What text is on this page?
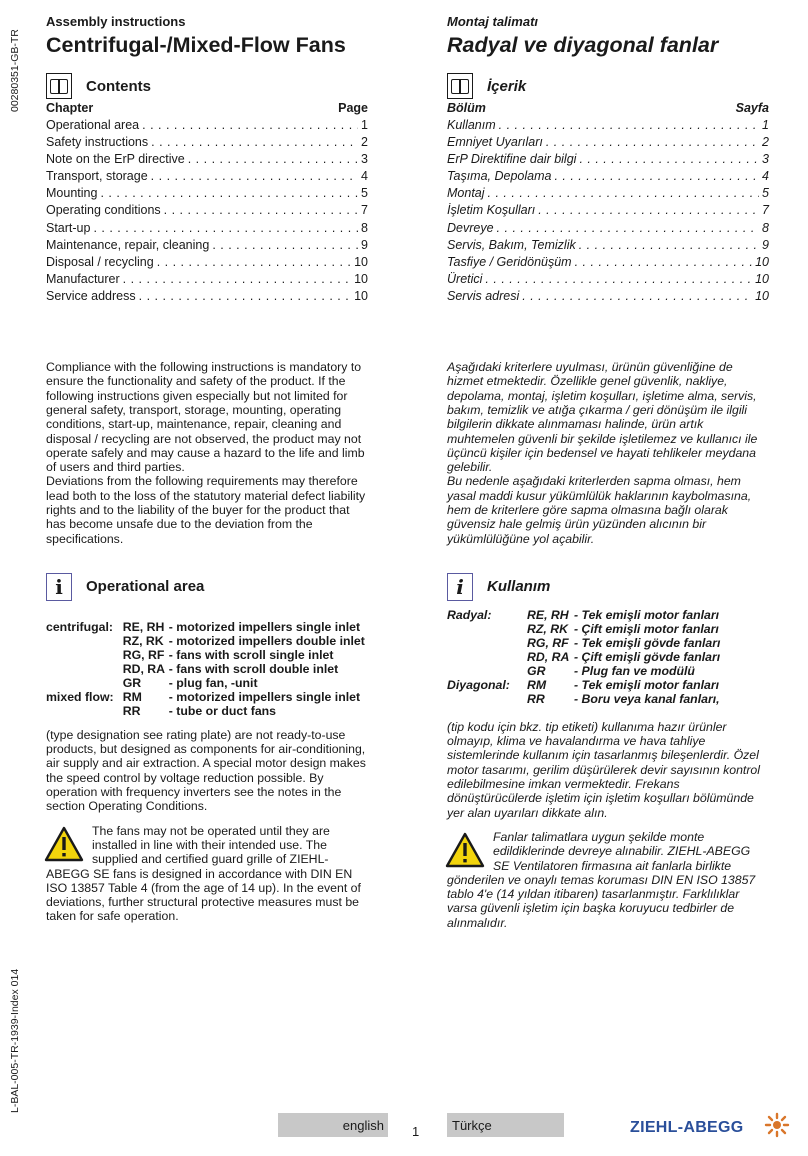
00280351-GB-TR
L-BAL-005-TR-1939-Index 014
Assembly instructions
Centrifugal-/Mixed-Flow Fans
Contents
Chapter	Page
Operational area . . .	1
Safety instructions . . .	2
Note on the ErP directive . . .	3
Transport, storage . . .	4
Mounting . . .	5
Operating conditions . . .	7
Start-up . . .	8
Maintenance, repair, cleaning . . .	9
Disposal / recycling . . .	10
Manufacturer . . .	10
Service address . . .	10

Compliance with the following instructions is mandatory to ensure the functionality and safety of the product. If the following instructions given especially but not limited for general safety, transport, storage, mounting, operating conditions, start-up, maintenance, repair, cleaning and disposal / recycling are not observed, the product may not operate safely and may cause a hazard to the life and limb of users and third parties.

Deviations from the following requirements may therefore lead both to the loss of the statutory material defect liability rights and to the liability of the buyer for the product that has become unsafe due to the deviation from the specifications.

i	Operational area
centrifugal:	RE, RH	- motorized impellers single inlet
	RZ, RK	- motorized impellers double inlet
	RG, RF	- fans with scroll single inlet
	RD, RA	- fans with scroll double inlet
	GR	- plug fan, -unit
mixed flow:	RM	- motorized impellers single inlet
	RR	- tube or duct fans

(type designation see rating plate) are not ready-to-use products, but designed as components for air-conditioning, air supply and air extraction. A special motor design makes the speed control by voltage reduction possible. By operation with frequency inverters see the notes in the section Operating Conditions.

The fans may not be operated until they are installed in line with their intended use. The supplied and certified guard grille of ZIEHL-ABEGG SE fans is designed in accordance with DIN EN ISO 13857 Table 4 (from the age of 14 up). In the event of deviations, further structural protective measures must be taken for safe operation.
Montaj talimatı
Radyal ve diyagonal fanlar
İçerik
Bölüm	Sayfa
Kullanım . . .	1
Emniyet Uyarıları . . .	2
ErP Direktifine dair bilgi . . .	3
Taşıma, Depolama . . .	4
Montaj . . .	5
İşletim Koşulları . . .	7
Devreye . . .	8
Servis, Bakım, Temizlik . . .	9
Tasfiye / Geridönüşüm . . .	10
Üretici . . .	10
Servis adresi . . .	10

Aşağıdaki kriterlere uyulması, ürünün güvenliğine de hizmet etmektedir. Özellikle genel güvenlik, nakliye, depolama, montaj, işletim koşulları, işletime alma, servis, bakım, temizlik ve atığa çıkarma / geri dönüşüm ile ilgili bilgilerin dikkate alınmaması halinde, ürün artık muhtemelen güvenli bir şekilde işletilemez ve kullanıcı ile üçüncü kişiler için bedensel ve hayati tehlikeler meydana gelebilir.

Bu nedenle aşağıdaki kriterlerden sapma olması, hem yasal maddi kusur yükümlülük haklarının kaybolmasına, hem de kriterlere göre sapma olmasına bağlı olarak güvensiz hale gelmiş ürün yüzünden alıcının bir yükümlülüğüne yol açabilir.

i	Kullanım
Radyal:	RE, RH	- Tek emişli motor fanları
	RZ, RK	- Çift emişli motor fanları
	RG, RF	- Tek emişli gövde fanları
	RD, RA	- Çift emişli gövde fanları
	GR	- Plug fan ve modülü
Diyagonal:	RM	- Tek emişli motor fanları
	RR	- Boru veya kanal fanları,

(tip kodu için bkz. tip etiketi) kullanıma hazır ürünler olmayıp, klima ve havalandırma ve hava tahliye sistemlerinde kullanım için tasarlanmış bileşenlerdir. Özel motor tasarımı, gerilim düşürülerek devir sayısının kontrol edilebilmesine imkan vermektedir. Frekans dönüştürücülerde işletim için işletim koşulları bölümünde yer alan uyarıları dikkate alın.

Fanlar talimatlara uygun şekilde monte edildiklerinde devreye alınabilir. ZIEHL-ABEGG SE Ventilatoren firmasına ait fanlarla birlikte gönderilen ve onaylı temas koruması DIN EN ISO 13857 tablo 4'e (14 yıldan itibaren) tasarlanmıştır. Farklılıklar varsa güvenli işletim için başka koruyucu tedbirler de alınmalıdır.
english	1	Türkçe	ZIEHL-ABEGG
